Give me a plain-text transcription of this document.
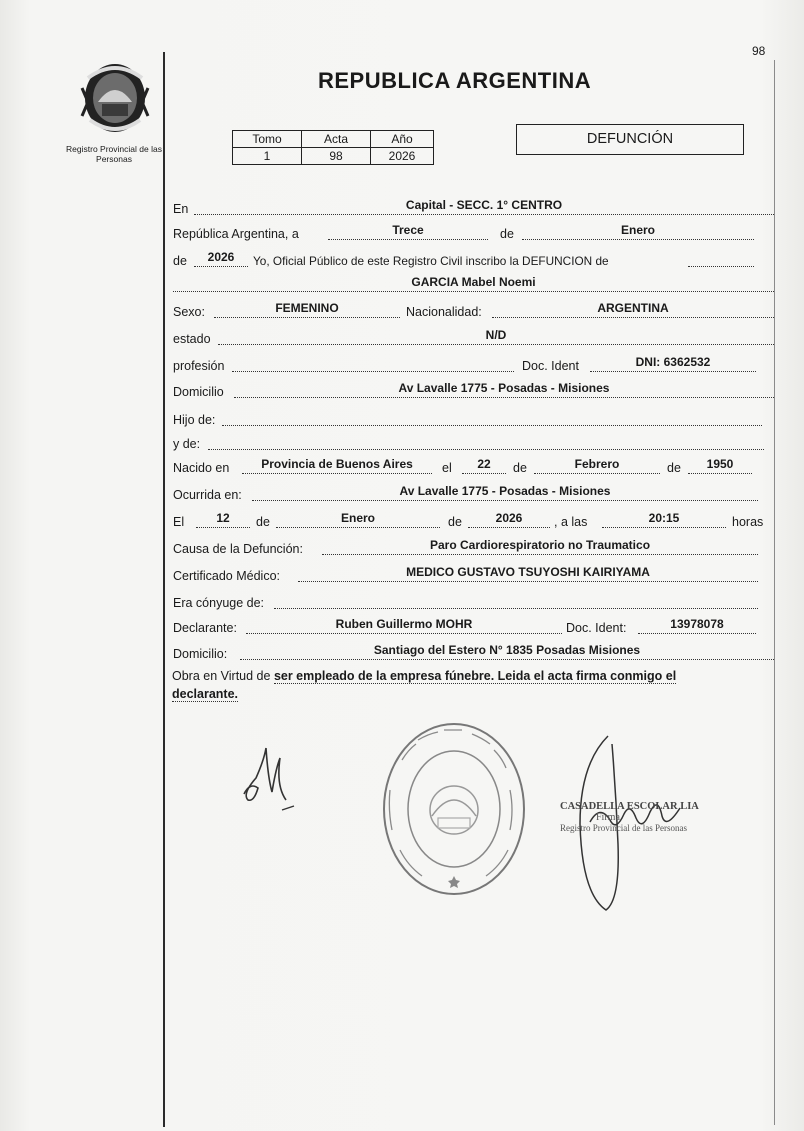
98
Registro Provincial de las Personas
REPUBLICA ARGENTINA
Tomo	Acta	Año
1	98	2026
DEFUNCIÓN
En	Capital - SECC. 1° CENTRO
República Argentina, a	Trece	de	Enero
de	2026	Yo, Oficial Público de este Registro Civil inscribo la DEFUNCION de
GARCIA Mabel Noemi
Sexo:	FEMENINO	Nacionalidad:	ARGENTINA
estado	N/D
profesión	Doc. Ident	DNI: 6362532
Domicilio	Av Lavalle 1775 - Posadas - Misiones
Hijo de:
y de:
Nacido en	Provincia de Buenos Aires	el	22	de	Febrero	de	1950
Ocurrida en:	Av Lavalle 1775 - Posadas - Misiones
El	12	de	Enero	de	2026	, a las	20:15	horas
Causa de la Defunción:	Paro Cardiorespiratorio no Traumatico
Certificado Médico:	MEDICO GUSTAVO TSUYOSHI KAIRIYAMA
Era cónyuge de:
Declarante:	Ruben Guillermo MOHR	Doc. Ident:	13978078
Domicilio:	Santiago del Estero N° 1835 Posadas Misiones
Obra en Virtud de ser empleado de la empresa fúnebre. Leida el acta firma conmigo el
declarante.
CASADELLA ESCOLAR LIA
Firma
Registro Provincial de las Personas
